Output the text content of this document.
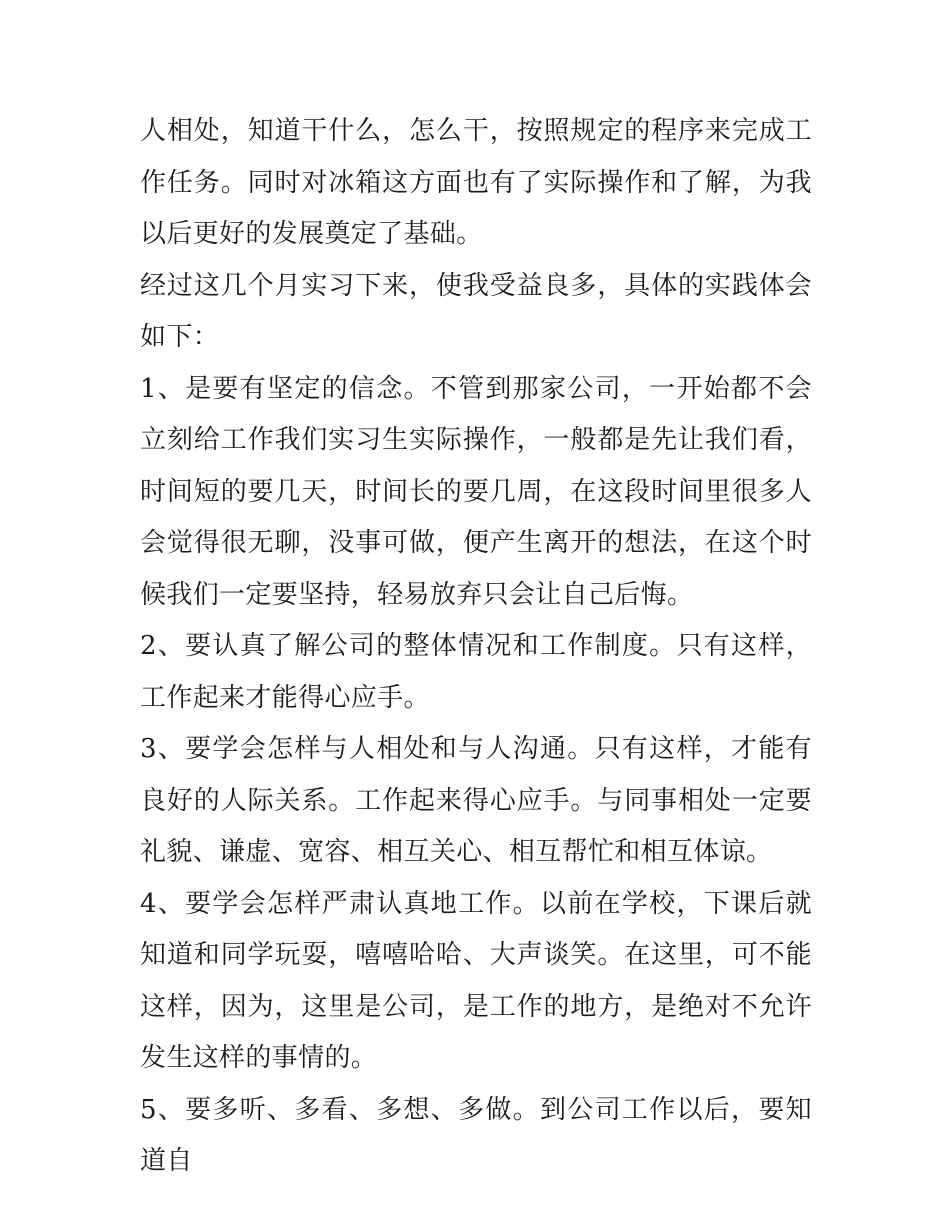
人相处，知道干什么，怎么干，按照规定的程序来完成工作任务。同时对冰箱这方面也有了实际操作和了解，为我以后更好的发展奠定了基础。

经过这几个月实习下来，使我受益良多，具体的实践体会如下：

1、是要有坚定的信念。不管到那家公司，一开始都不会立刻给工作我们实习生实际操作，一般都是先让我们看，时间短的要几天，时间长的要几周，在这段时间里很多人会觉得很无聊，没事可做，便产生离开的想法，在这个时候我们一定要坚持，轻易放弃只会让自己后悔。

2、要认真了解公司的整体情况和工作制度。只有这样，工作起来才能得心应手。

3、要学会怎样与人相处和与人沟通。只有这样，才能有良好的人际关系。工作起来得心应手。与同事相处一定要礼貌、谦虚、宽容、相互关心、相互帮忙和相互体谅。

4、要学会怎样严肃认真地工作。以前在学校，下课后就知道和同学玩耍，嘻嘻哈哈、大声谈笑。在这里，可不能这样，因为，这里是公司，是工作的地方，是绝对不允许发生这样的事情的。

5、要多听、多看、多想、多做。到公司工作以后，要知道自
